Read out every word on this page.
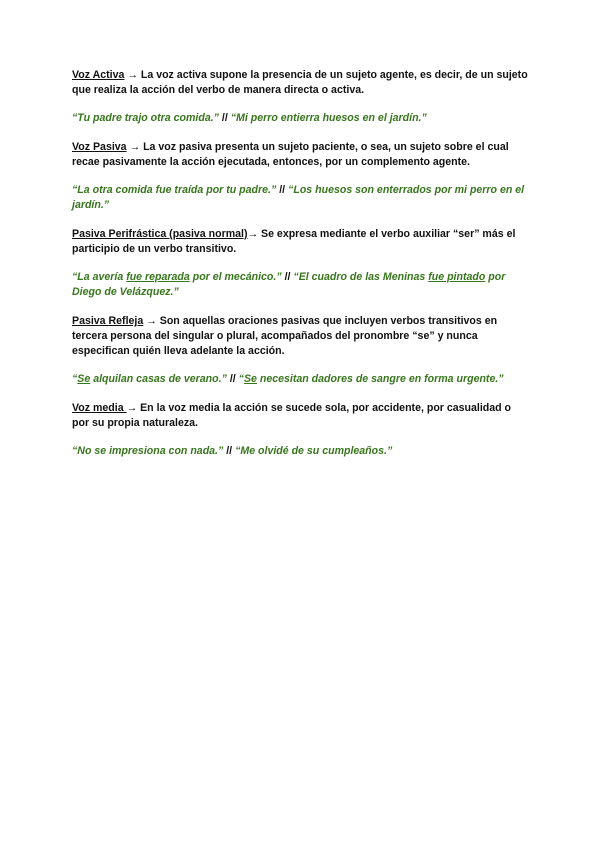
Voz Activa → La voz activa supone la presencia de un sujeto agente, es decir, de un sujeto que realiza la acción del verbo de manera directa o activa.

“Tu padre trajo otra comida.” // “Mi perro entierra huesos en el jardín.”

Voz Pasiva → La voz pasiva presenta un sujeto paciente, o sea, un sujeto sobre el cual recae pasivamente la acción ejecutada, entonces, por un complemento agente.

“La otra comida fue traída por tu padre.” // “Los huesos son enterrados por mi perro en el jardín.”

Pasiva Perifrástica (pasiva normal)→ Se expresa mediante el verbo auxiliar “ser” más el participio de un verbo transitivo.

“La avería fue reparada por el mecánico.” // “El cuadro de las Meninas fue pintado por Diego de Velázquez.”

Pasiva Refleja → Son aquellas oraciones pasivas que incluyen verbos transitivos en tercera persona del singular o plural, acompañados del pronombre “se” y nunca especifican quién lleva adelante la acción.

“Se alquilan casas de verano.” // “Se necesitan dadores de sangre en forma urgente.”

Voz media → En la voz media la acción se sucede sola, por accidente, por casualidad o por su propia naturaleza.

“No se impresiona con nada.” // “Me olvidé de su cumpleaños.”
